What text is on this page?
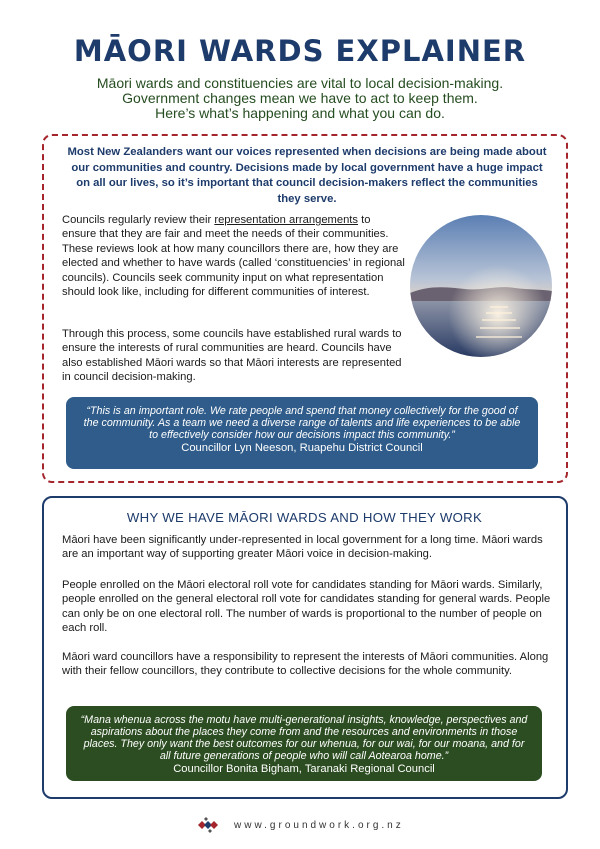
MĀORI WARDS EXPLAINER
Māori wards and constituencies are vital to local decision-making.
Government changes mean we have to act to keep them.
Here’s what’s happening and what you can do.
Most New Zealanders want our voices represented when decisions are being made about our communities and country. Decisions made by local government have a huge impact on all our lives, so it’s important that council decision-makers reflect the communities they serve.
Councils regularly review their representation arrangements to ensure that they are fair and meet the needs of their communities. These reviews look at how many councillors there are, how they are elected and whether to have wards (called ‘constituencies’ in regional councils). Councils seek community input on what representation should look like, including for different communities of interest.
Through this process, some councils have established rural wards to ensure the interests of rural communities are heard. Councils have also established Māori wards so that Māori interests are represented in council decision-making.
“This is an important role. We rate people and spend that money collectively for the good of the community. As a team we need a diverse range of talents and life experiences to be able to effectively consider how our decisions impact this community.”
Councillor Lyn Neeson, Ruapehu District Council
WHY WE HAVE MĀORI WARDS AND HOW THEY WORK
Māori have been significantly under-represented in local government for a long time. Māori wards are an important way of supporting greater Māori voice in decision-making.
People enrolled on the Māori electoral roll vote for candidates standing for Māori wards. Similarly, people enrolled on the general electoral roll vote for candidates standing for general wards. People can only be on one electoral roll. The number of wards is proportional to the number of people on each roll.
Māori ward councillors have a responsibility to represent the interests of Māori communities. Along with their fellow councillors, they contribute to collective decisions for the whole community.
“Mana whenua across the motu have multi-generational insights, knowledge, perspectives and aspirations about the places they come from and the resources and environments in those places. They only want the best outcomes for our whenua, for our wai, for our moana, and for all future generations of people who will call Aotearoa home.”
Councillor Bonita Bigham, Taranaki Regional Council
www.groundwork.org.nz
